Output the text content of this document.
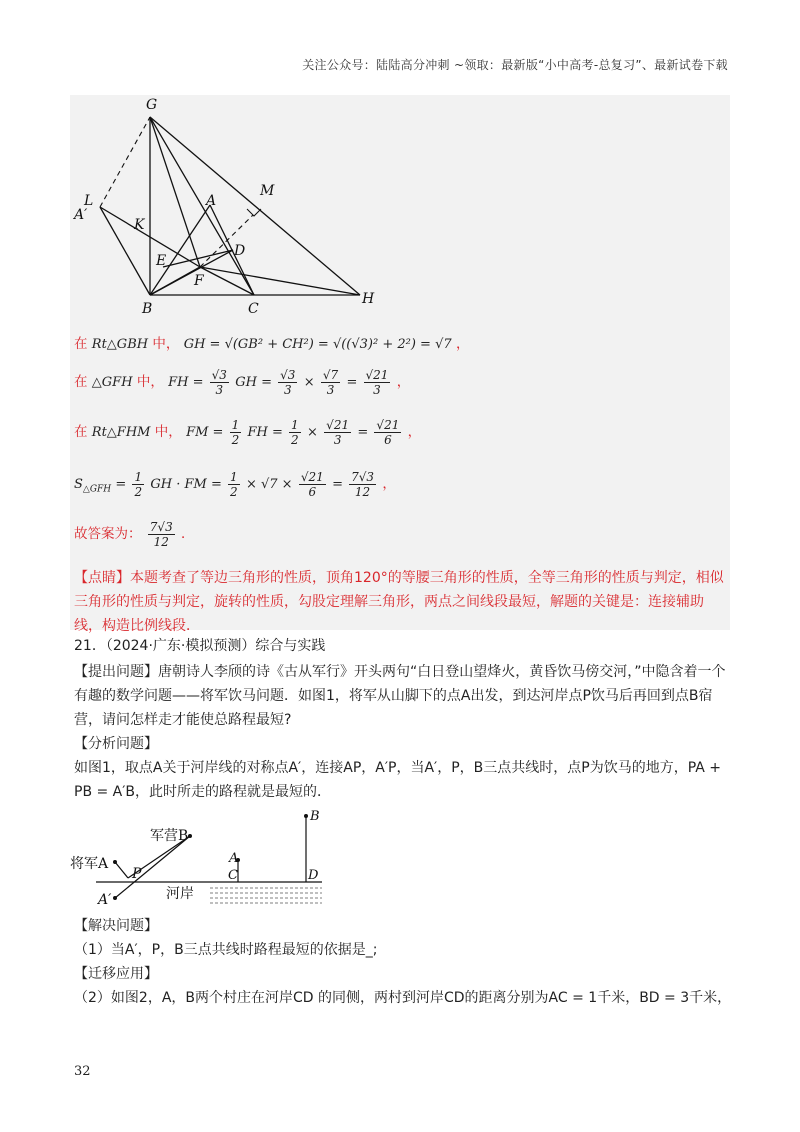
关注公众号：陆陆高分冲刺 ~领取：最新版“小中高考-总复习”、最新试卷下载
G
L
A′
M
A
K
D
E
F
B	C
H
在 Rt△GBH 中， GH = √(GB² + CH²) = √((√3)² + 2²) = √7 ，
在 △GFH 中， FH = $\frac{√3}{3}$ GH = $\frac{√3}{3} \times \frac{√7}{3} = \frac{√21}{3}$ ，
在 Rt△FHM 中， FM = $\frac{1}{2}$ FH = $\frac{1}{2} \times \frac{√21}{3} = \frac{√21}{6}$ ，
$S_{\triangle GFH} = \frac{1}{2}$ GH · FM = $\frac{1}{2} \times √7 \times \frac{√21}{6} = \frac{7√3}{12}$ ，
故答案为： $\frac{7√3}{12}$ ．
【点睛】本题考查了等边三角形的性质，顶角120°的等腰三角形的性质，全等三角形的性质与判定，相似三角形的性质与判定，旋转的性质，勾股定理解三角形，两点之间线段最短，解题的关键是：连接辅助线，构造比例线段．
21．（2024·广东·模拟预测）综合与实践
【提出问题】唐朝诗人李颀的诗《古从军行》开头两句“白日登山望烽火，黄昏饮马傍交河，”中隐含着一个有趣的数学问题——将军饮马问题．如图1，将军从山脚下的点A出发，到达河岸点P饮马后再回到点B宿营，请问怎样走才能使总路程最短?
【分析问题】
如图1，取点A关于河岸线的对称点A′，连接AP，A′P，当A′，P，B三点共线时，点P为饮马的地方，PA + PB = A′B，此时所走的路程就是最短的．
军营B
将军A
P
A′	河岸
A
B
C	D
【解决问题】
（1）当A′，P，B三点共线时路程最短的依据是_;
【迁移应用】
（2）如图2，A，B两个村庄在河岸CD 的同侧，两村到河岸CD的距离分别为AC = 1千米，BD = 3千米，
32
